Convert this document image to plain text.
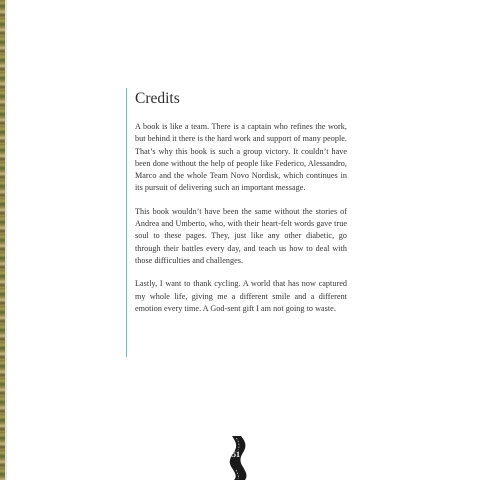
Credits

A book is like a team. There is a captain who refines the work, but behind it there is the hard work and support of many people. That’s why this book is such a group victory. It couldn’t have been done without the help of people like Federico, Alessandro, Marco and the whole Team Novo Nordisk, which continues in its pursuit of delivering such an important message.

This book wouldn’t have been the same without the stories of Andrea and Umberto, who, with their heart-felt words gave true soul to these pages. They, just like any other diabetic, go through their battles every day, and teach us how to deal with those difficulties and challenges.

Lastly, I want to thank cycling. A world that has now captured my whole life, giving me a different smile and a different emotion every time. A God-sent gift I am not going to waste.

151
